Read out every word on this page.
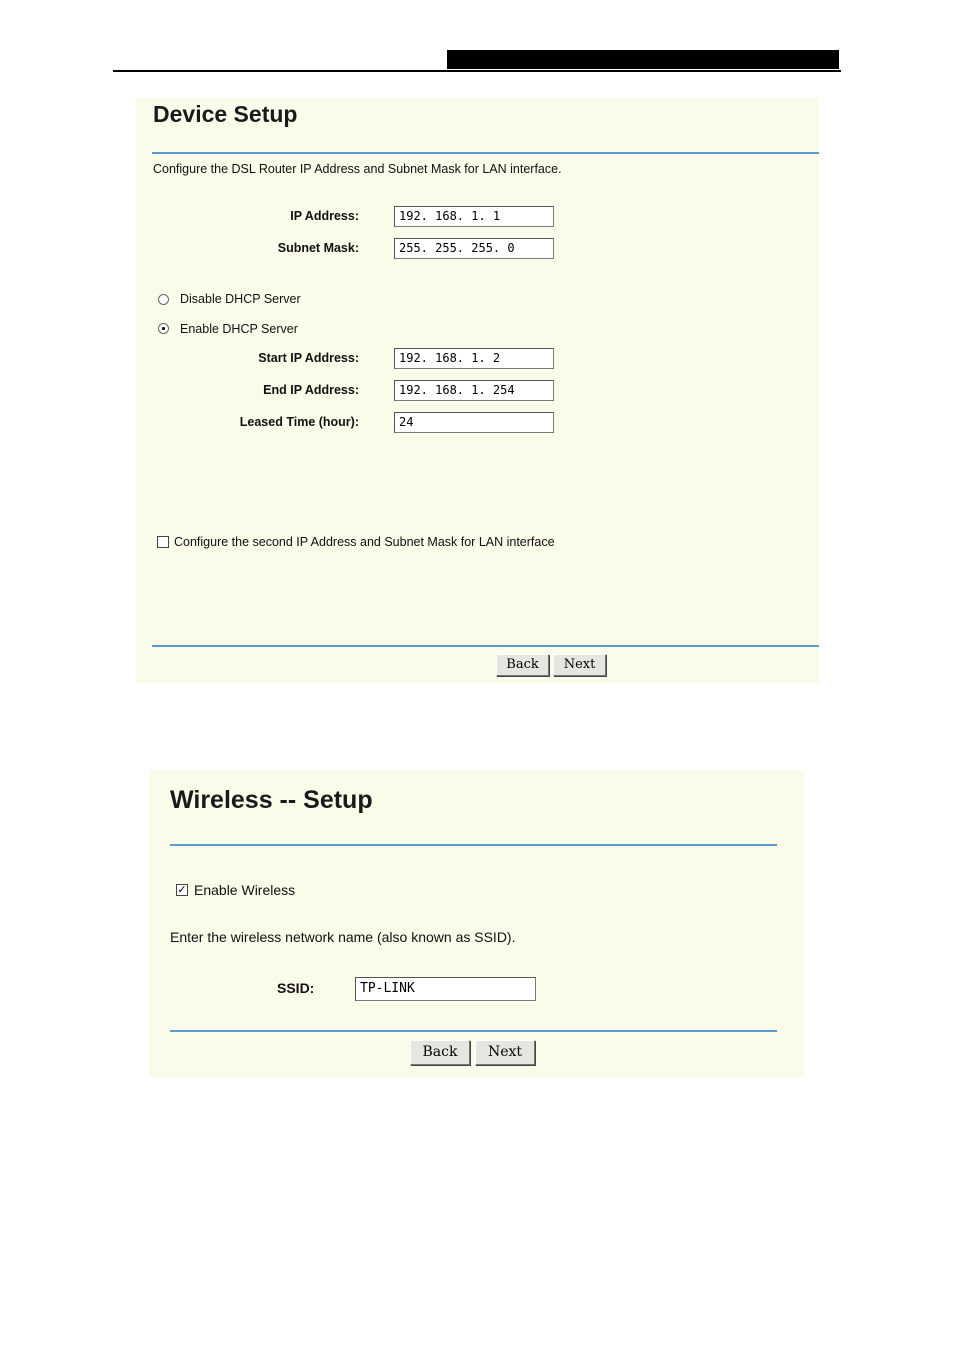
Device Setup
Configure the DSL Router IP Address and Subnet Mask for LAN interface.
IP Address:	192. 168. 1. 1
Subnet Mask:	255. 255. 255. 0
Disable DHCP Server
Enable DHCP Server
Start IP Address:	192. 168. 1. 2
End IP Address:	192. 168. 1. 254
Leased Time (hour):	24
Configure the second IP Address and Subnet Mask for LAN interface
Back	Next
Wireless -- Setup
✓ Enable Wireless
Enter the wireless network name (also known as SSID).
SSID:	TP-LINK
Back	Next
